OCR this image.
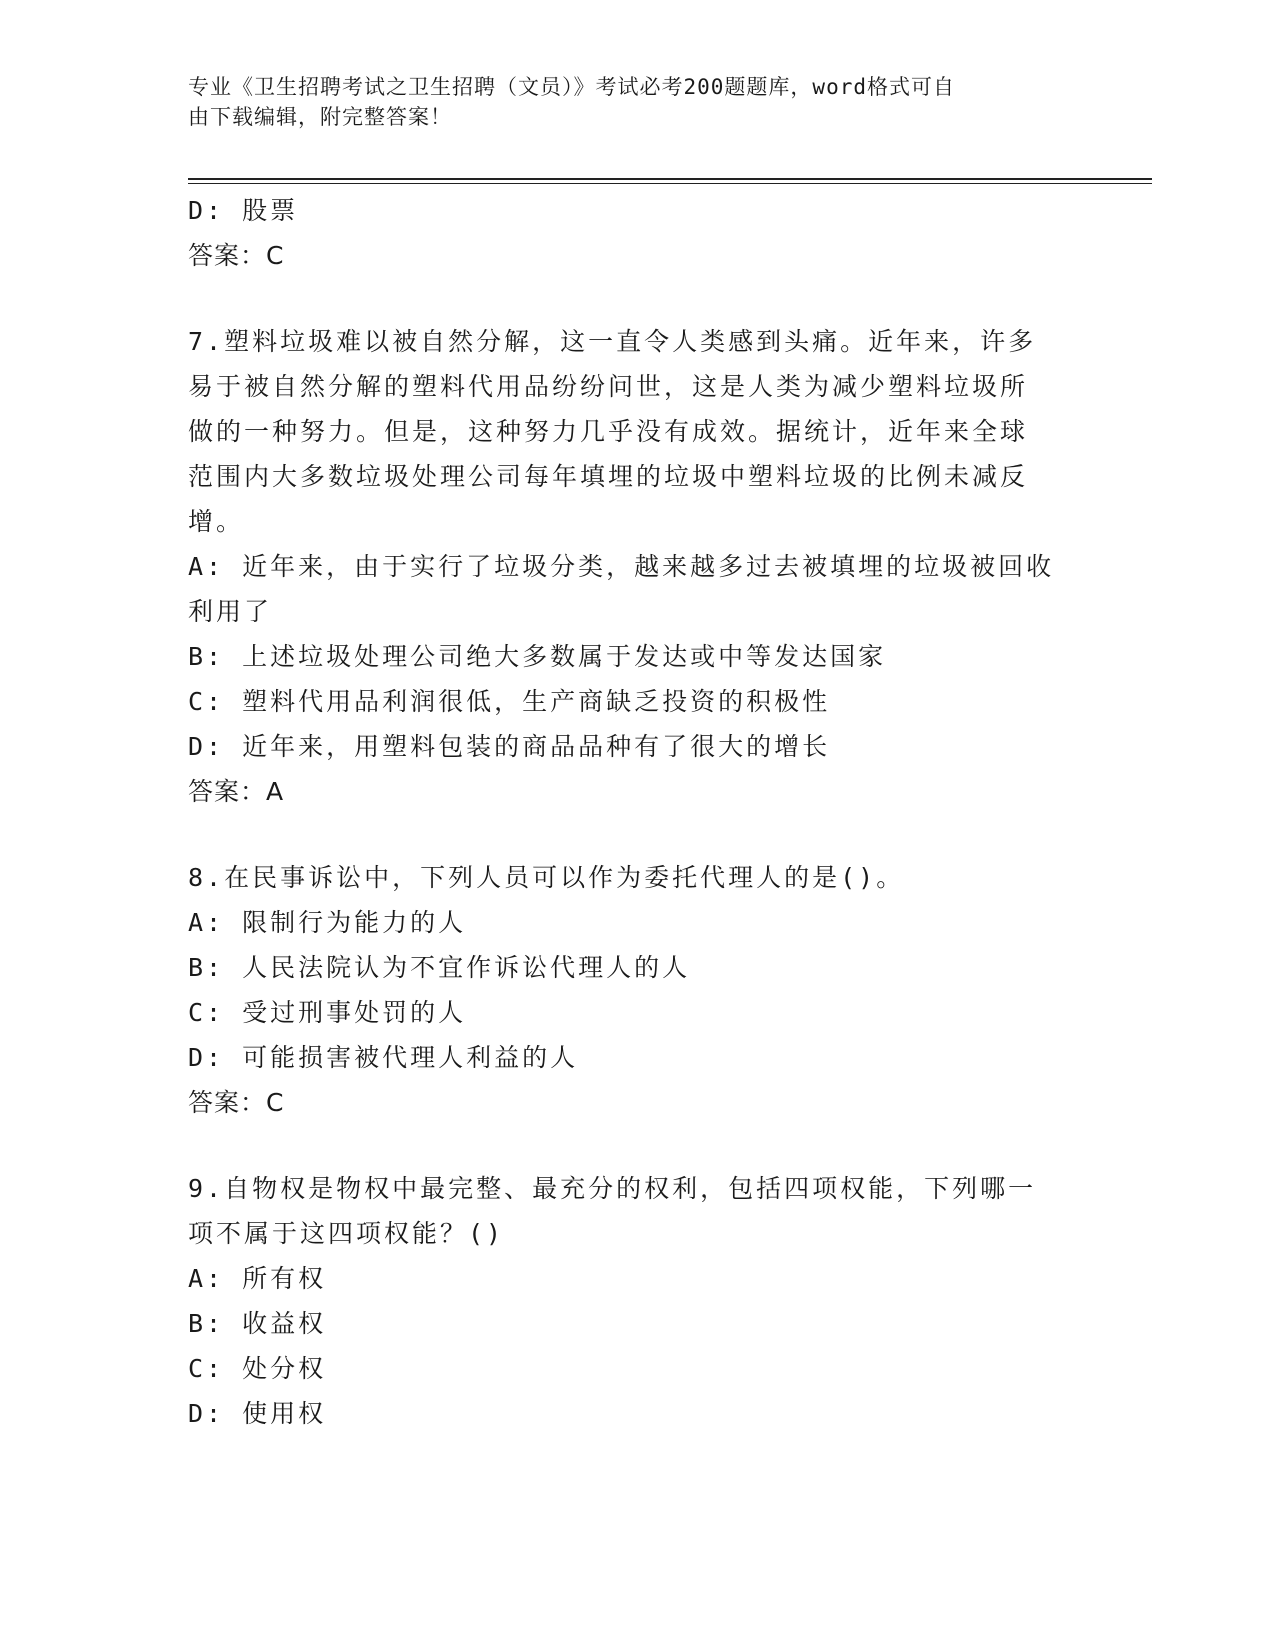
专业《卫生招聘考试之卫生招聘（文员）》考试必考200题题库，word格式可自
由下载编辑，附完整答案！
D: 股票
答案：C
7.塑料垃圾难以被自然分解，这一直令人类感到头痛。近年来，许多
易于被自然分解的塑料代用品纷纷问世，这是人类为减少塑料垃圾所
做的一种努力。但是，这种努力几乎没有成效。据统计，近年来全球
范围内大多数垃圾处理公司每年填埋的垃圾中塑料垃圾的比例未减反
增。
A: 近年来，由于实行了垃圾分类，越来越多过去被填埋的垃圾被回收
利用了
B: 上述垃圾处理公司绝大多数属于发达或中等发达国家
C: 塑料代用品利润很低，生产商缺乏投资的积极性
D: 近年来，用塑料包装的商品品种有了很大的增长
答案：A
8.在民事诉讼中，下列人员可以作为委托代理人的是()。
A: 限制行为能力的人
B: 人民法院认为不宜作诉讼代理人的人
C: 受过刑事处罚的人
D: 可能损害被代理人利益的人
答案：C
9.自物权是物权中最完整、最充分的权利，包括四项权能，下列哪一
项不属于这四项权能？()
A: 所有权
B: 收益权
C: 处分权
D: 使用权
